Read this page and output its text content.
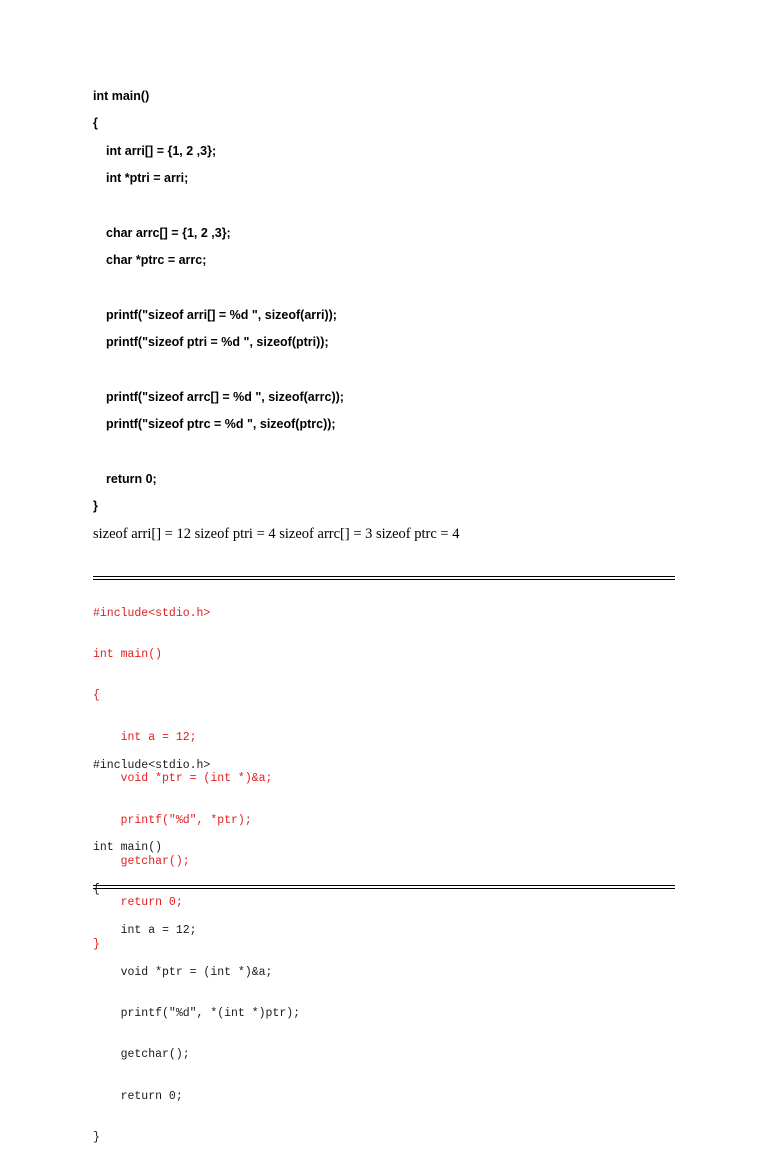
int main()
{
int arri[] = {1, 2 ,3};
int *ptri = arri;
char arrc[] = {1, 2 ,3};
char *ptrc = arrc;
printf("sizeof arri[] = %d ", sizeof(arri));
printf("sizeof ptri = %d ", sizeof(ptri));
printf("sizeof arrc[] = %d ", sizeof(arrc));
printf("sizeof ptrc = %d ", sizeof(ptrc));
return 0;
}
sizeof arri[] = 12 sizeof ptri = 4 sizeof arrc[] = 3 sizeof ptrc = 4

#include<stdio.h>

int main()

{

int a = 12;

void *ptr = (int *)&a;

printf("%d", *ptr);

getchar();

return 0;

}

#include<stdio.h>

int main()

{

int a = 12;

void *ptr = (int *)&a;

printf("%d", *(int *)ptr);

getchar();

return 0;

}
